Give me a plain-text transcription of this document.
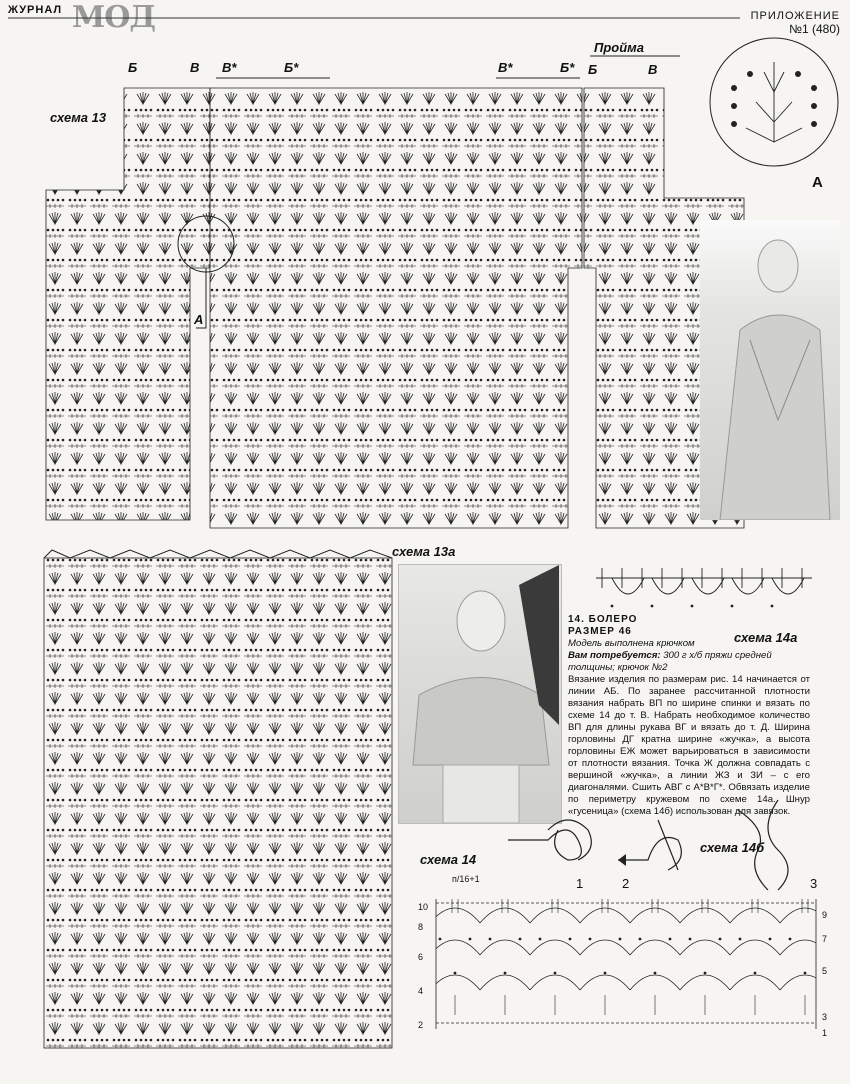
ЖУРНАЛ МОД	ПРИЛОЖЕНИЕ
№1 (480)
схема 13
Пройма
Б	В В*	Б*	В*	Б* Б	В
А
А
схема 13а
схема 14а
14. БОЛЕРО
РАЗМЕР 46
Модель выполнена крючком
Вам потребуется: 300 г х/б пряжи средней толщины; крючок №2

Вязание изделия по размерам рис. 14 начинается от линии АБ. По заранее рассчитанной плотности вязания набрать ВП по ширине спинки и вязать по схеме 14 до т. В. Набрать необходимое количество ВП для длины рукава ВГ и вязать до т. Д. Ширина горловины ДГ кратна ширине «жучка», а высота горловины ЕЖ может варьироваться в зависимости от плотности вязания. Точка Ж должна совпадать с вершиной «жучка», а линии ЖЗ и ЗИ – с его диагоналями. Сшить АВГ с А*В*Г*. Обвязать изделие по периметру кружевом по схеме 14а. Шнур «гусеница» (схема 14б) использован для завязок.

схема 14б
1	2	3
схема 14
п/16+1
10
8
6
4
2
9
7
5
3
1
